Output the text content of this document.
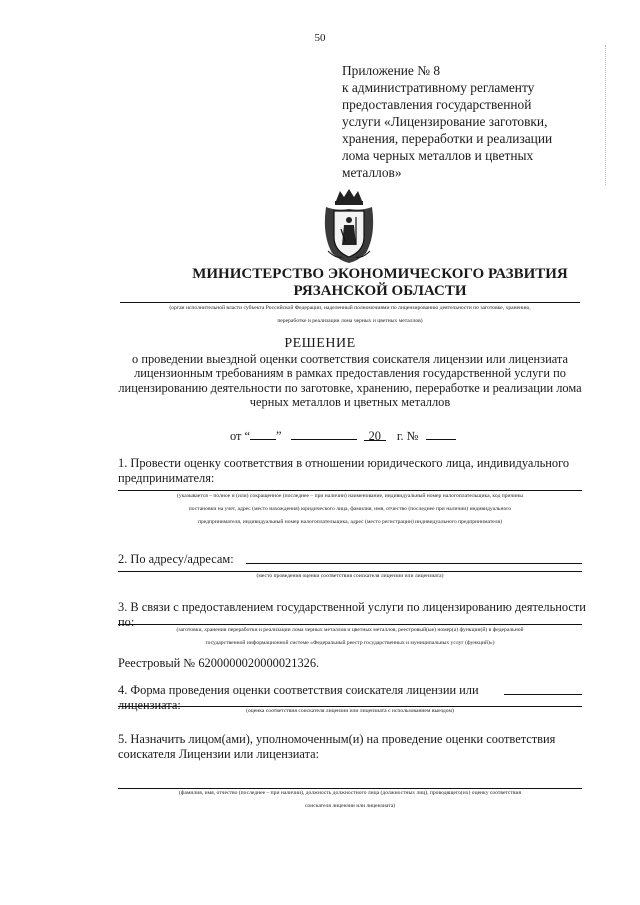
50
Приложение № 8
к административному регламенту
предоставления государственной
услуги «Лицензирование заготовки,
хранения, переработки и реализации
лома черных металлов и цветных
металлов»
МИНИСТЕРСТВО ЭКОНОМИЧЕСКОГО РАЗВИТИЯ
РЯЗАНСКОЙ ОБЛАСТИ
(орган исполнительной власти субъекта Российской Федерации, наделенный полномочиями по лицензированию деятельности по заготовке, хранению,
переработке и реализации лома черных и цветных металлов)
РЕШЕНИЕ
о проведении выездной оценки соответствия соискателя лицензии или лицензиата лицензионным требованиям в рамках предоставления государственной услуги по лицензированию деятельности по заготовке, хранению, переработке и реализации лома черных металлов и цветных металлов
от “ ”	20 г. №
1. Провести оценку соответствия в отношении юридического лица, индивидуального предпринимателя:
(указывается – полное и (или) сокращенное (последнее – при наличии) наименование, индивидуальный номер налогоплательщика, код причины
постановки на учет, адрес (место нахождения) юридического лица, фамилия, имя, отчество (последнее при наличии) индивидуального
предпринимателя, индивидуальный номер налогоплательщика, адрес (место регистрации) индивидуального предпринимателя)
2. По адресу/адресам:
(место проведения оценки соответствия соискателя лицензии или лицензиата)
3. В связи с предоставлением государственной услуги по лицензированию деятельности по:
(заготовки, хранения переработки и реализации лома черных металлов и цветных металлов, реестровый(ые) номер(а) функции(й) в федеральной
государственной информационной системе «Федеральный реестр государственных и муниципальных услуг (функций)»)
Реестровый № 6200000020000021326.
4. Форма проведения оценки соответствия соискателя лицензии или лицензиата:	(оценка соответствия соискателя лицензии или лицензиата с использованием выездом)
5. Назначить лицом(ами), уполномоченным(и) на проведение оценки соответствия соискателя Лицензии или лицензиата:
(фамилия, имя, отчество (последнее – при наличии), должность должностного лица (должностных лиц), проводящего(их) оценку соответствия
соискателя лицензии или лицензиата)
